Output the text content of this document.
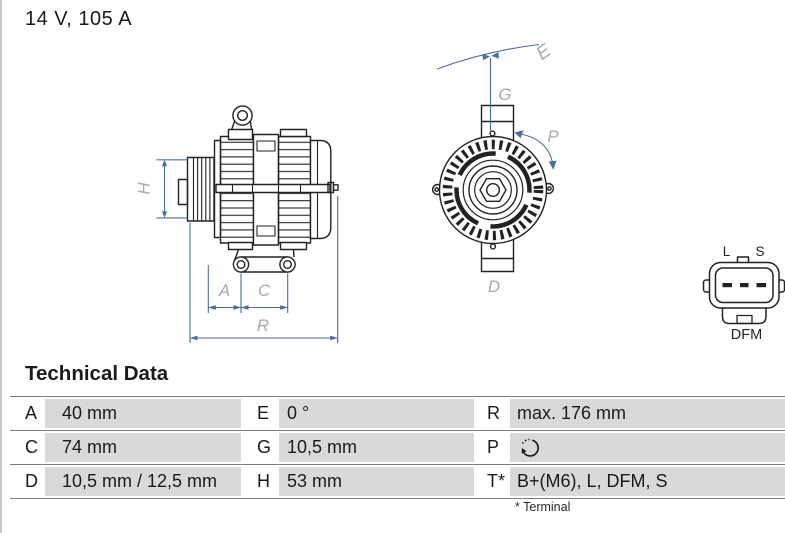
14 V, 105 A
H
A C
R
E
G
P
D
L S
DFM
Technical Data
A	40 mm	E 0 °	R max. 176 mm
C	74 mm	G 10,5 mm	P
D	10,5 mm / 12,5 mm	H 53 mm	T* B+(M6), L, DFM, S
* Terminal
